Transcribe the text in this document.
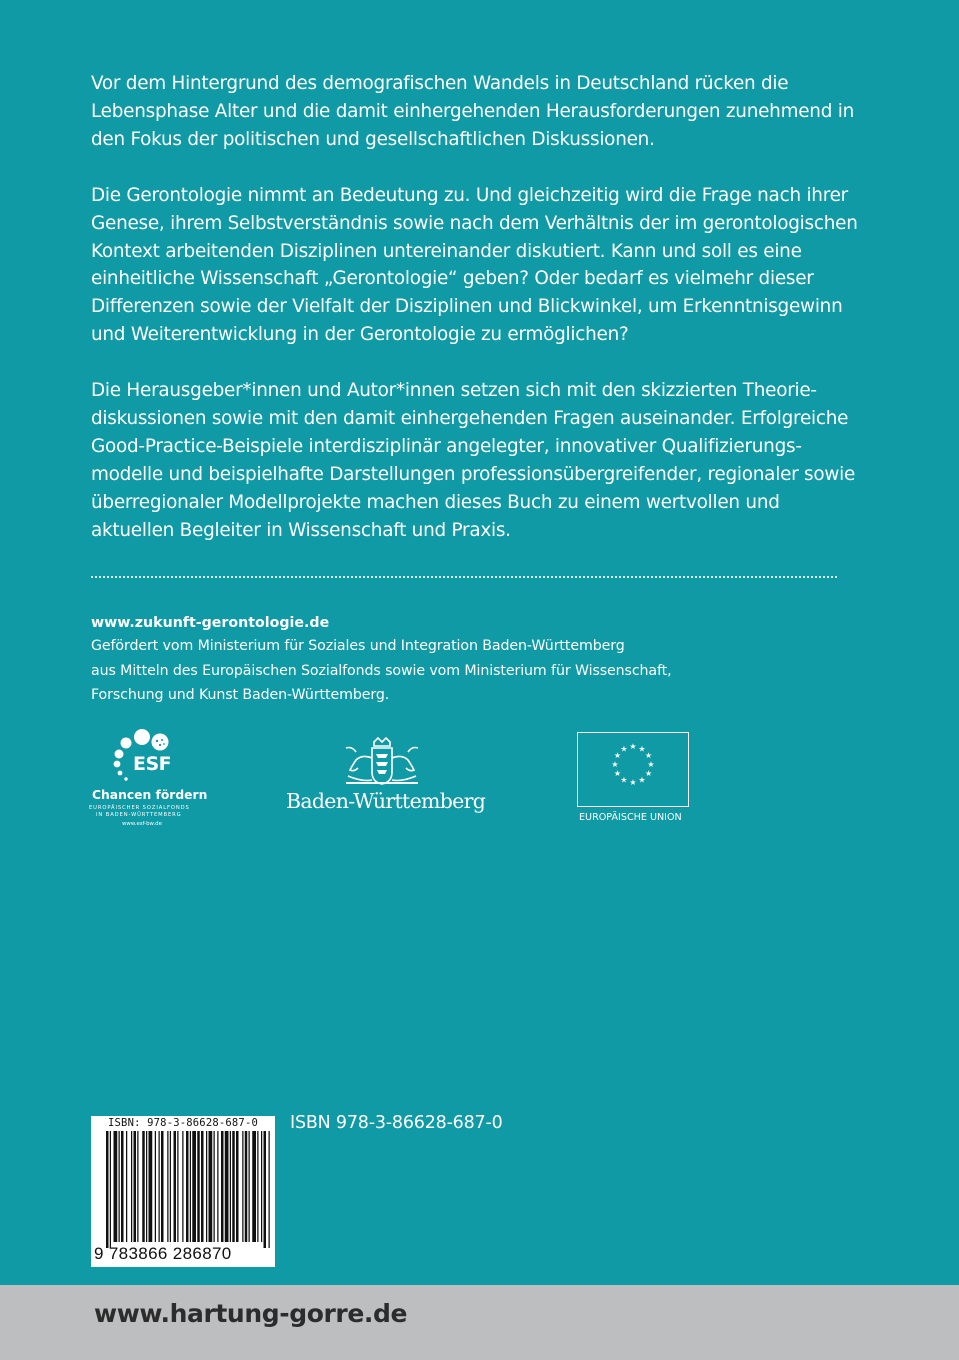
Vor dem Hintergrund des demografischen Wandels in Deutschland rücken die Lebensphase Alter und die damit einhergehenden Herausforderungen zunehmend in den Fokus der politischen und gesellschaftlichen Diskussionen.

Die Gerontologie nimmt an Bedeutung zu. Und gleichzeitig wird die Frage nach ihrer Genese, ihrem Selbstverständnis sowie nach dem Verhältnis der im gerontologischen Kontext arbeitenden Disziplinen untereinander diskutiert. Kann und soll es eine einheitliche Wissenschaft „Gerontologie“ geben? Oder bedarf es vielmehr dieser Differenzen sowie der Vielfalt der Disziplinen und Blickwinkel, um Erkenntnisgewinn und Weiterentwicklung in der Gerontologie zu ermöglichen?

Die Herausgeber*innen und Autor*innen setzen sich mit den skizzierten Theorie-diskussionen sowie mit den damit einhergehenden Fragen auseinander. Erfolgreiche Good-Practice-Beispiele interdisziplinär angelegter, innovativer Qualifizierungs-modelle und beispielhafte Darstellungen professionsübergreifender, regionaler sowie überregionaler Modellprojekte machen dieses Buch zu einem wertvollen und aktuellen Begleiter in Wissenschaft und Praxis.

www.zukunft-gerontologie.de

Gefördert vom Ministerium für Soziales und Integration Baden-Württemberg

aus Mitteln des Europäischen Sozialfonds sowie vom Ministerium für Wissenschaft,

Forschung und Kunst Baden-Württemberg.

ESF
Chancen fördern
EUROPÄISCHER SOZIALFONDS
IN BADEN-WÜRTTEMBERG
www.esf-bw.de
Baden-Württemberg
★ ★
★
★
★
★
★
★
★
★
★
★
EUROPÄISCHE UNION
ISBN: 978-3-86628-687-0
9 783866 286870
ISBN 978-3-86628-687-0
www.hartung-gorre.de
